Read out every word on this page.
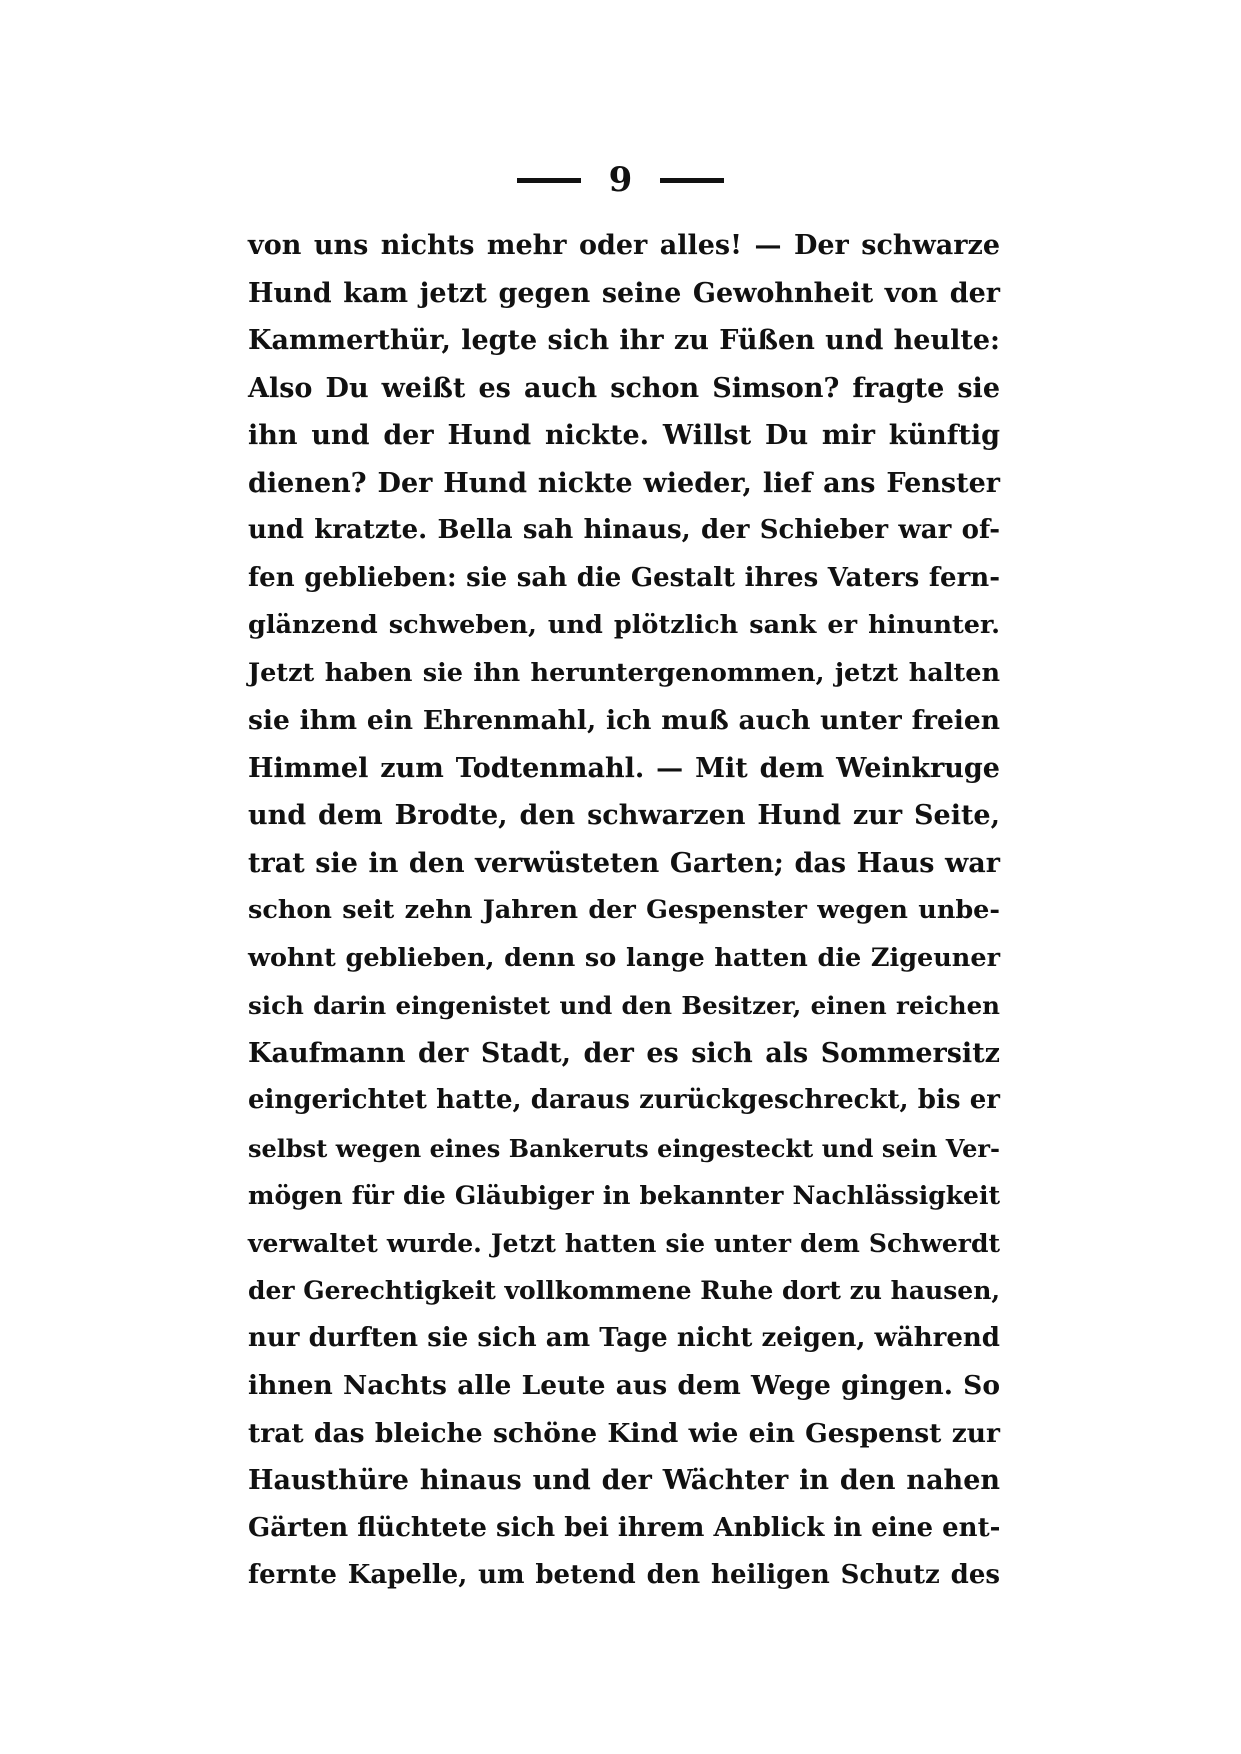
9
von uns nichts mehr oder alles! — Der schwarze
Hund kam jetzt gegen seine Gewohnheit von der
Kammerthür, legte sich ihr zu Füßen und heulte:
Also Du weißt es auch schon Simson? fragte sie
ihn und der Hund nickte. Willst Du mir künftig
dienen? Der Hund nickte wieder, lief ans Fenster
und kratzte. Bella sah hinaus, der Schieber war of-
fen geblieben: sie sah die Gestalt ihres Vaters fern-
glänzend schweben, und plötzlich sank er hinunter.
Jetzt haben sie ihn heruntergenommen, jetzt halten
sie ihm ein Ehrenmahl, ich muß auch unter freien
Himmel zum Todtenmahl. — Mit dem Weinkruge
und dem Brodte, den schwarzen Hund zur Seite,
trat sie in den verwüsteten Garten; das Haus war
schon seit zehn Jahren der Gespenster wegen unbe-
wohnt geblieben, denn so lange hatten die Zigeuner
sich darin eingenistet und den Besitzer, einen reichen
Kaufmann der Stadt, der es sich als Sommersitz
eingerichtet hatte, daraus zurückgeschreckt, bis er
selbst wegen eines Bankeruts eingesteckt und sein Ver-
mögen für die Gläubiger in bekannter Nachlässigkeit
verwaltet wurde. Jetzt hatten sie unter dem Schwerdt
der Gerechtigkeit vollkommene Ruhe dort zu hausen,
nur durften sie sich am Tage nicht zeigen, während
ihnen Nachts alle Leute aus dem Wege gingen. So
trat das bleiche schöne Kind wie ein Gespenst zur
Hausthüre hinaus und der Wächter in den nahen
Gärten flüchtete sich bei ihrem Anblick in eine ent-
fernte Kapelle, um betend den heiligen Schutz des
